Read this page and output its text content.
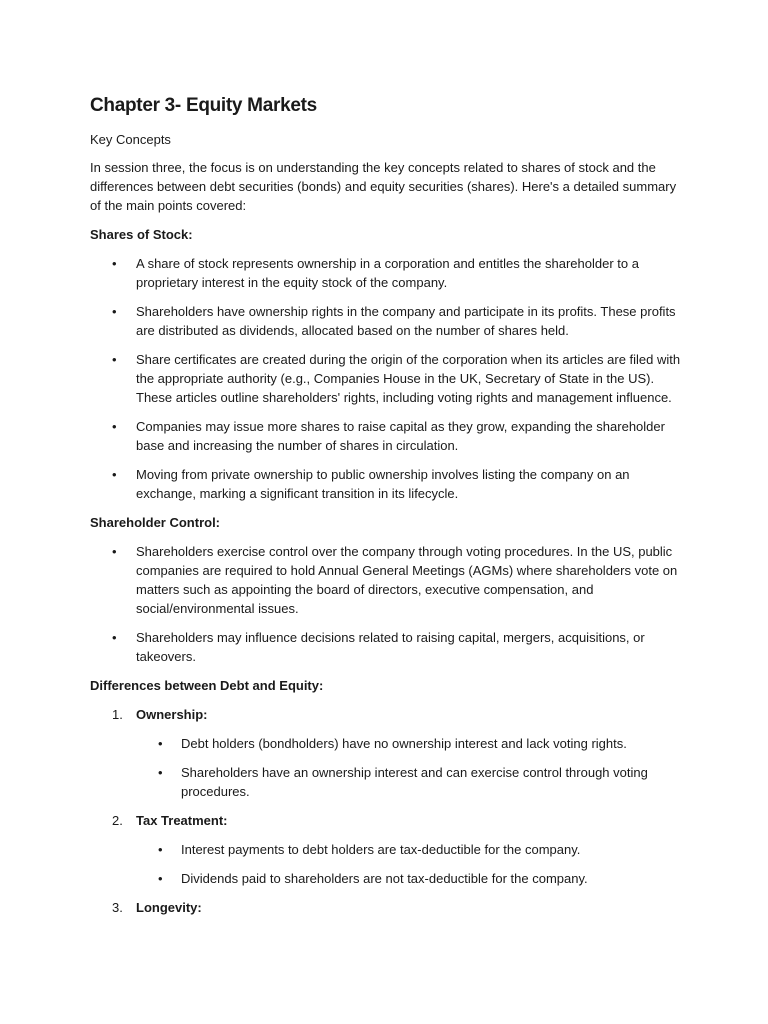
Chapter 3- Equity Markets

Key Concepts

In session three, the focus is on understanding the key concepts related to shares of stock and the differences between debt securities (bonds) and equity securities (shares). Here's a detailed summary of the main points covered:

Shares of Stock:

• A share of stock represents ownership in a corporation and entitles the shareholder to a proprietary interest in the equity stock of the company.
• Shareholders have ownership rights in the company and participate in its profits. These profits are distributed as dividends, allocated based on the number of shares held.
• Share certificates are created during the origin of the corporation when its articles are filed with the appropriate authority (e.g., Companies House in the UK, Secretary of State in the US). These articles outline shareholders' rights, including voting rights and management influence.
• Companies may issue more shares to raise capital as they grow, expanding the shareholder base and increasing the number of shares in circulation.
• Moving from private ownership to public ownership involves listing the company on an exchange, marking a significant transition in its lifecycle.

Shareholder Control:

• Shareholders exercise control over the company through voting procedures. In the US, public companies are required to hold Annual General Meetings (AGMs) where shareholders vote on matters such as appointing the board of directors, executive compensation, and social/environmental issues.
• Shareholders may influence decisions related to raising capital, mergers, acquisitions, or takeovers.

Differences between Debt and Equity:

1. Ownership:
• Debt holders (bondholders) have no ownership interest and lack voting rights.
• Shareholders have an ownership interest and can exercise control through voting procedures.
2. Tax Treatment:
• Interest payments to debt holders are tax-deductible for the company.
• Dividends paid to shareholders are not tax-deductible for the company.
3. Longevity:
